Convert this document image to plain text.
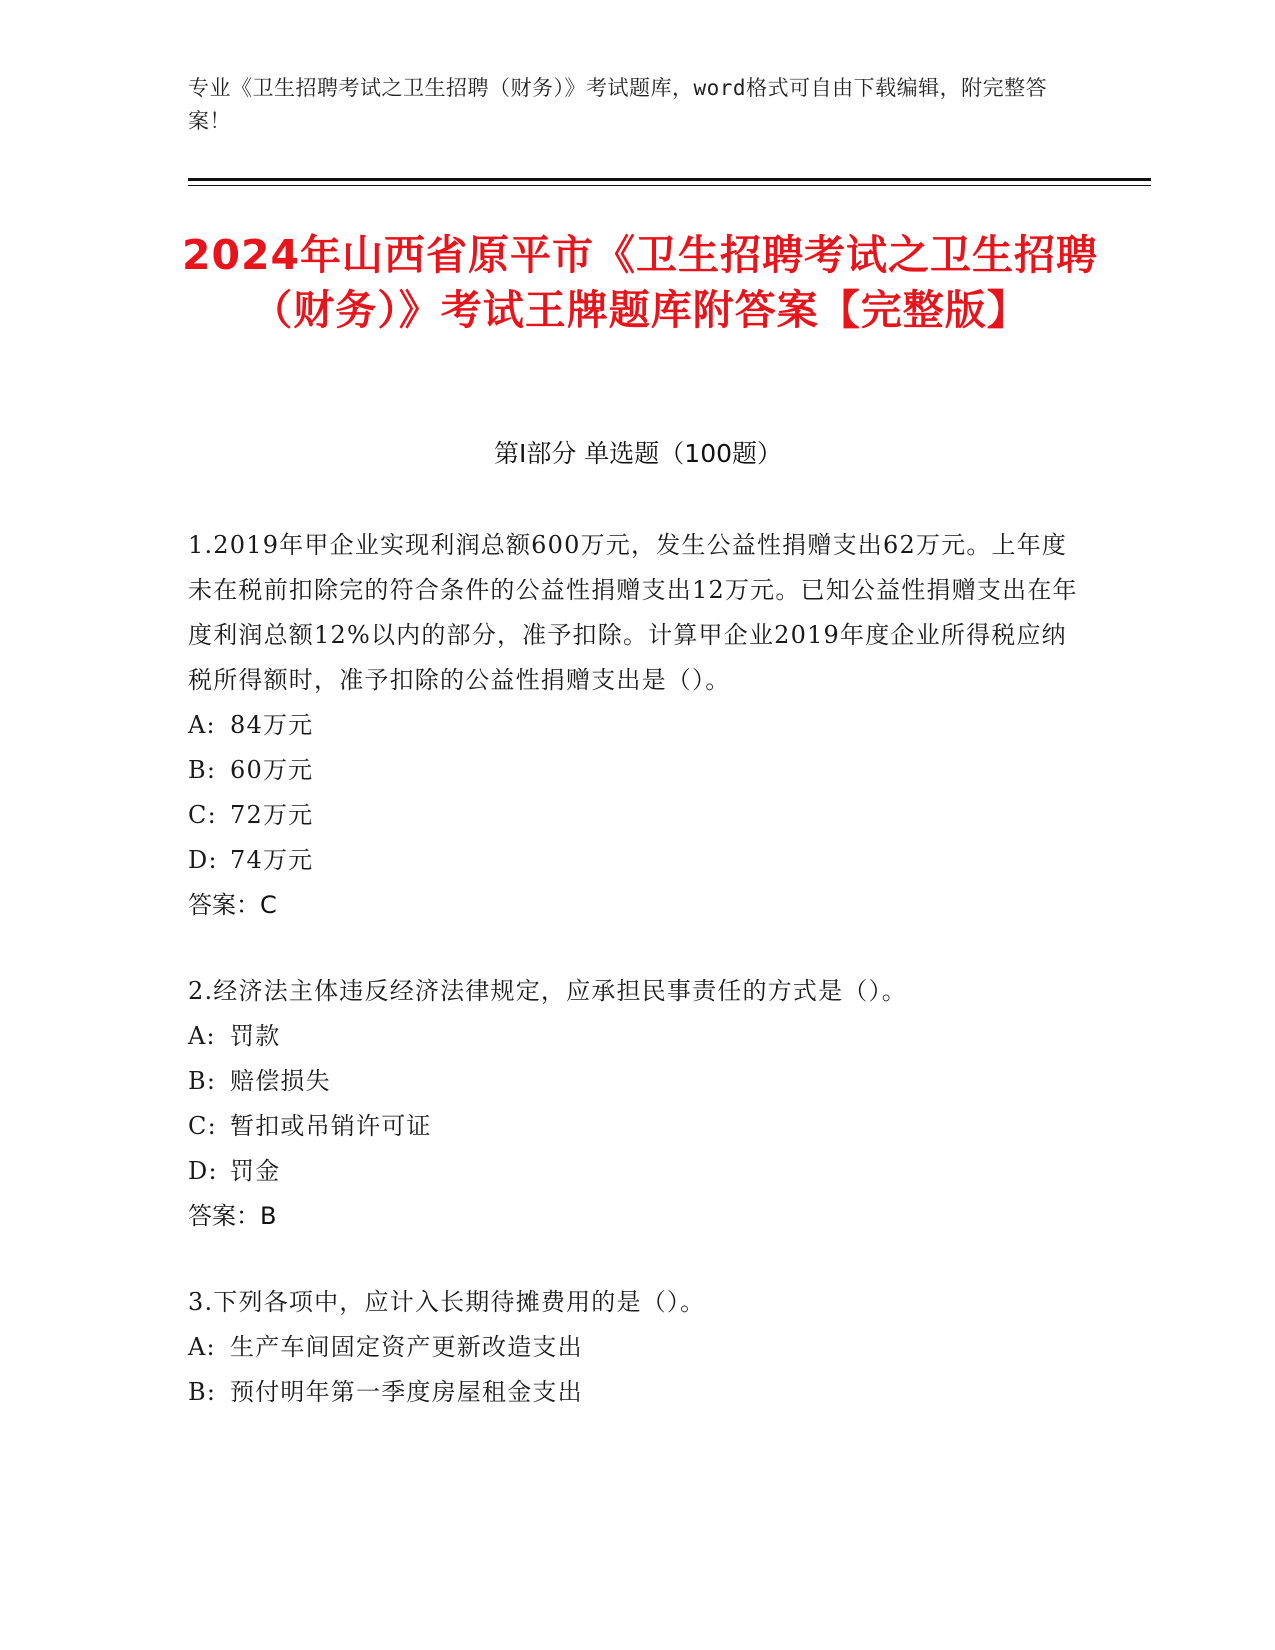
专业《卫生招聘考试之卫生招聘（财务）》考试题库，word格式可自由下载编辑，附完整答案！
2024年山西省原平市《卫生招聘考试之卫生招聘（财务）》考试王牌题库附答案【完整版】
第I部分 单选题（100题）

1.2019年甲企业实现利润总额600万元，发生公益性捐赠支出62万元。上年度未在税前扣除完的符合条件的公益性捐赠支出12万元。已知公益性捐赠支出在年度利润总额12%以内的部分，准予扣除。计算甲企业2019年度企业所得税应纳税所得额时，准予扣除的公益性捐赠支出是（）。

A: 84万元

B: 60万元

C: 72万元

D: 74万元

答案：C

2.经济法主体违反经济法律规定，应承担民事责任的方式是（）。

A: 罚款

B: 赔偿损失

C: 暂扣或吊销许可证

D: 罚金

答案：B

3.下列各项中，应计入长期待摊费用的是（）。

A: 生产车间固定资产更新改造支出

B: 预付明年第一季度房屋租金支出
